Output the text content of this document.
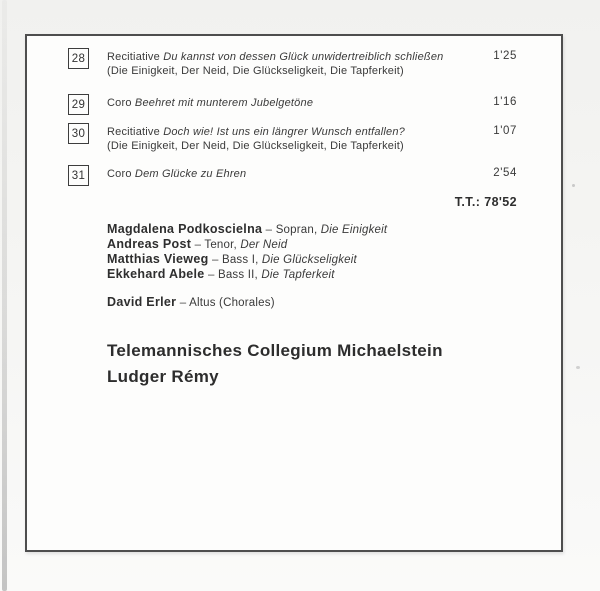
28 Recitiative Du kannst von dessen Glück unwidertreiblich schließen
(Die Einigkeit, Der Neid, Die Glückseligkeit, Die Tapferkeit)
1'25
29 Coro Beehret mit munterem Jubelgetöne	1'16
30 Recitiative Doch wie! Ist uns ein längrer Wunsch entfallen?
(Die Einigkeit, Der Neid, Die Glückseligkeit, Die Tapferkeit)
1'07
31 Coro Dem Glücke zu Ehren	2'54
T.T.: 78'52
Magdalena Podkoscielna – Sopran, Die Einigkeit
Andreas Post – Tenor, Der Neid
Matthias Vieweg – Bass I, Die Glückseligkeit
Ekkehard Abele – Bass II, Die Tapferkeit
David Erler – Altus (Chorales)
Telemannisches Collegium Michaelstein
Ludger Rémy
